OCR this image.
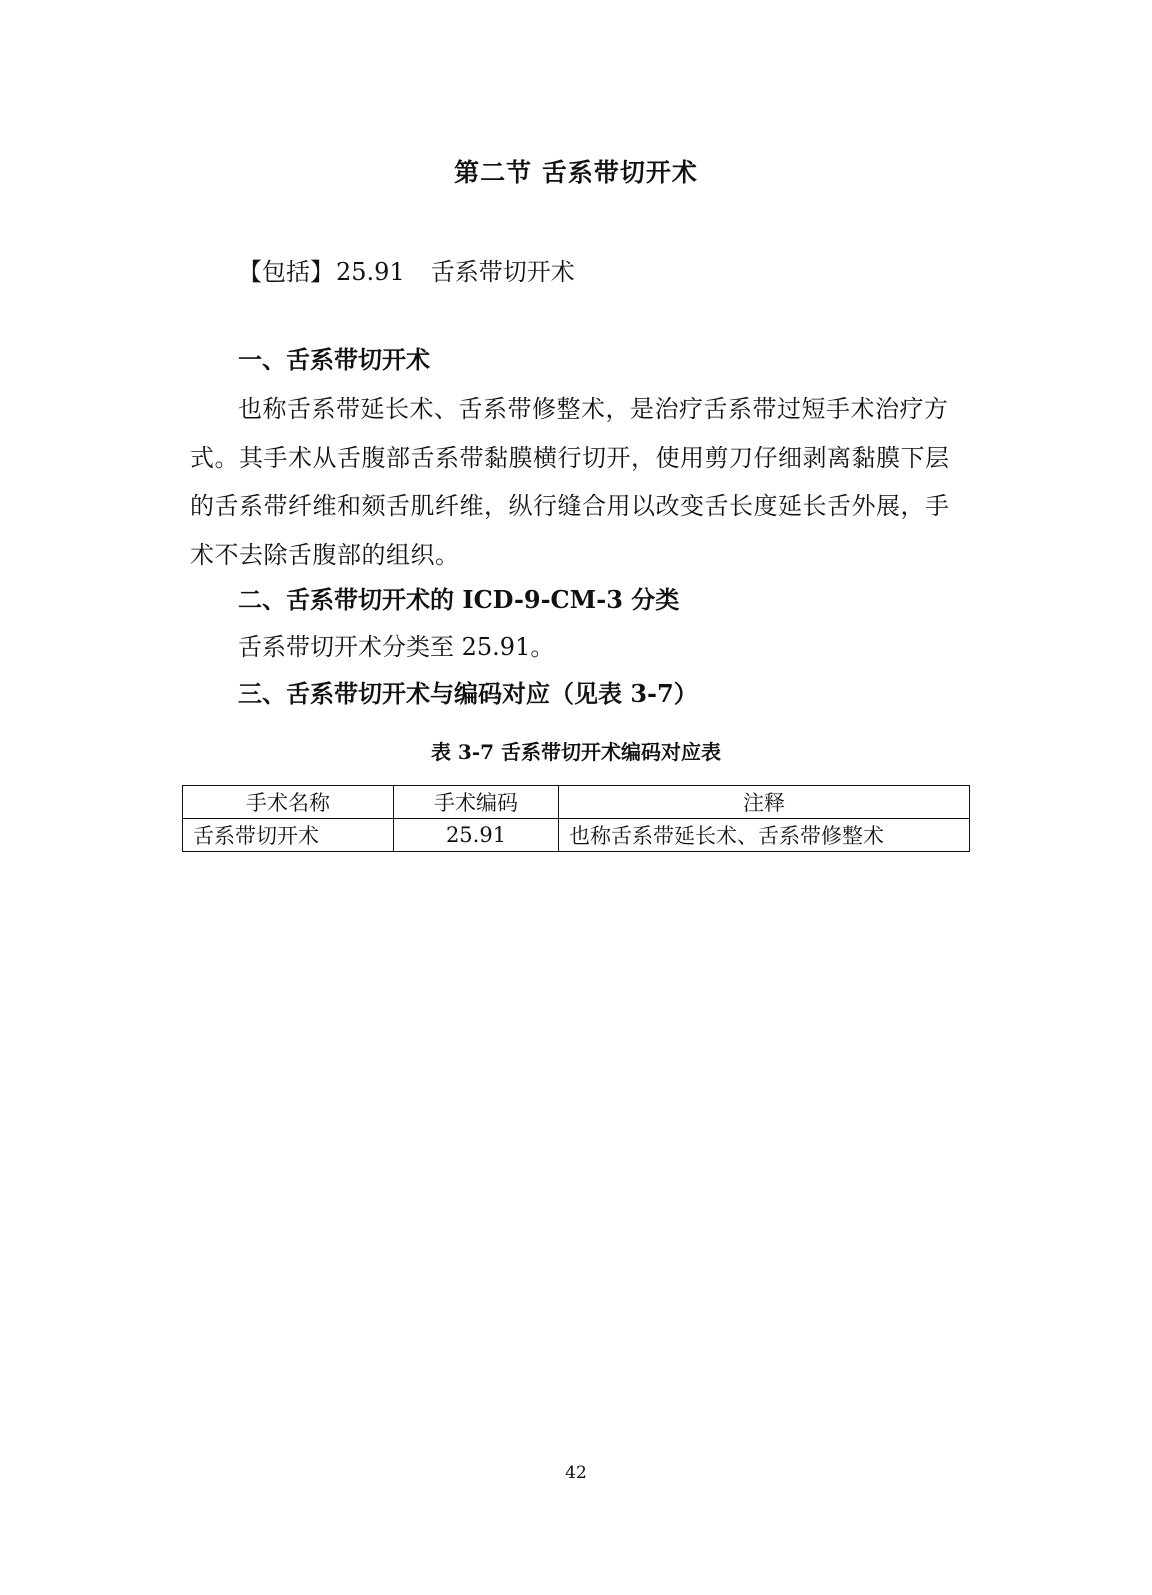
第二节 舌系带切开术
【包括】25.91 舌系带切开术
一、舌系带切开术
也称舌系带延长术、舌系带修整术，是治疗舌系带过短手术治疗方式。其手术从舌腹部舌系带黏膜横行切开，使用剪刀仔细剥离黏膜下层的舌系带纤维和颏舌肌纤维，纵行缝合用以改变舌长度延长舌外展，手术不去除舌腹部的组织。
二、舌系带切开术的 ICD-9-CM-3 分类
舌系带切开术分类至 25.91。
三、舌系带切开术与编码对应（见表 3-7）
表 3-7 舌系带切开术编码对应表
手术名称	手术编码	注释
舌系带切开术	25.91	也称舌系带延长术、舌系带修整术
42
